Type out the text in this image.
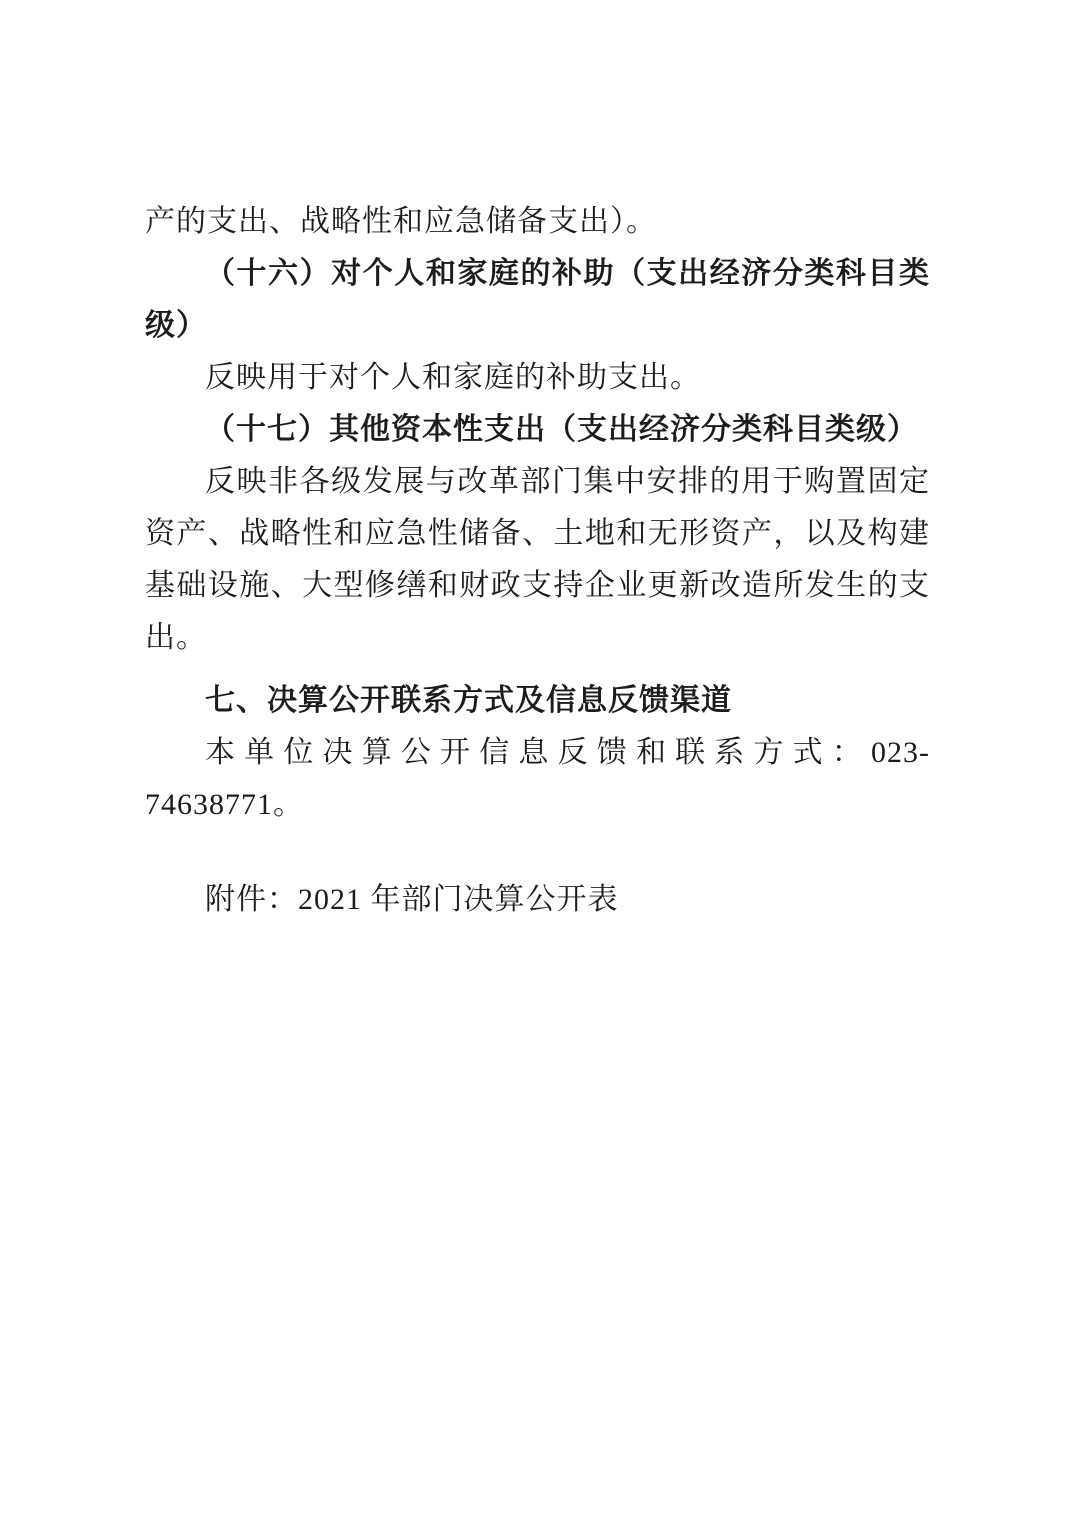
产的支出、战略性和应急储备支出）。

（十六）对个人和家庭的补助（支出经济分类科目类级）

反映用于对个人和家庭的补助支出。

（十七）其他资本性支出（支出经济分类科目类级）

反映非各级发展与改革部门集中安排的用于购置固定资产、战略性和应急性储备、土地和无形资产，以及构建基础设施、大型修缮和财政支持企业更新改造所发生的支出。

七、决算公开联系方式及信息反馈渠道

本单位决算公开信息反馈和联系方式：023-74638771。

附件：2021 年部门决算公开表
